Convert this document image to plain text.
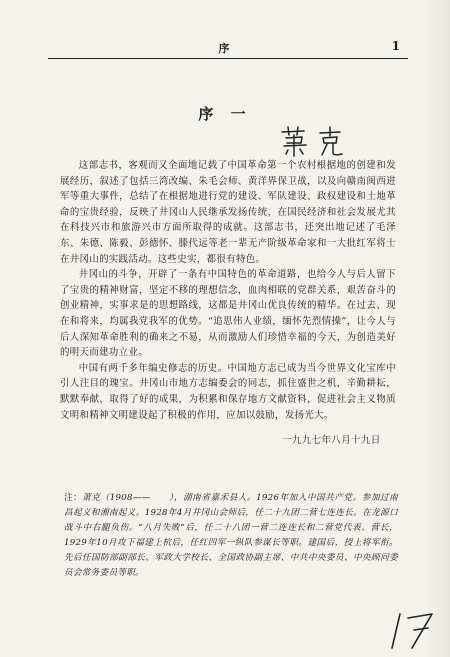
序	1
序 一

这部志书，客观而又全面地记载了中国革命第一个农村根据地的创建和发展经历，叙述了包括三湾改编、朱毛会师、黄洋界保卫战，以及向赣南闽西进军等重大事件，总结了在根据地进行党的建设、军队建设、政权建设和土地革命的宝贵经验，反映了井冈山人民继承发扬传统，在国民经济和社会发展尤其在科技兴市和旅游兴市方面所取得的成就。这部志书，还突出地记述了毛泽东、朱德、陈毅、彭德怀、滕代远等老一辈无产阶级革命家和一大批红军将士在井冈山的实践活动。这些史实，都很有特色。

井冈山的斗争，开辟了一条有中国特色的革命道路，也给今人与后人留下了宝贵的精神财富，坚定不移的理想信念，血肉相联的党群关系，艰苦奋斗的创业精神，实事求是的思想路线，这都是井冈山优良传统的精华。在过去、现在和将来，均属我党我军的优势。“追思伟人业绩，缅怀先烈情操”，让今人与后人深知革命胜利的确来之不易，从而激励人们珍惜幸福的今天，为创造美好的明天而建功立业。

中国有两千多年编史修志的历史。中国地方志已成为当今世界文化宝库中引人注目的瑰宝。井冈山市地方志编委会的同志，抓住盛世之机，辛勤耕耘，默默奉献，取得了好的成果，为积累和保存地方文献资料，促进社会主义物质文明和精神文明建设起了积极的作用，应加以鼓励，发扬光大。

一九九七年八月十九日
注：萧克（1908——　　），湖南省嘉禾县人。1926年加入中国共产党。参加过南昌起义和湘南起义。1928年4月井冈山会师后，任二十九团二营七连连长。在龙源口战斗中右腿负伤。“八月失败”后，任二十八团一营二连连长和二营党代表、营长，1929年10月攻下福建上杭后，任红四军一纵队参谋长等职。建国后，授上将军衔。先后任国防部副部长、军政大学校长、全国政协副主席、中共中央委员、中央顾问委员会常务委员等职。
